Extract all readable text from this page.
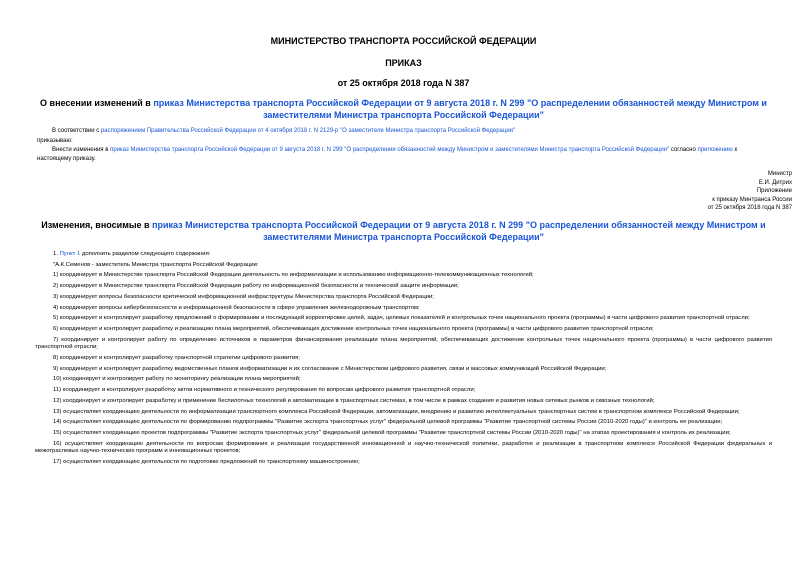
МИНИСТЕРСТВО ТРАНСПОРТА РОССИЙСКОЙ ФЕДЕРАЦИИ
ПРИКАЗ
от 25 октября 2018 года N 387
О внесении изменений в приказ Министерства транспорта Российской Федерации от 9 августа 2018 г. N 299 "О распределении обязанностей между Министром и заместителями Министра транспорта Российской Федерации"
В соответствии с распоряжением Правительства Российской Федерации от 4 октября 2018 г. N 2129-р "О заместителе Министра транспорта Российской Федерации"
приказываю:
Внести изменения в приказ Министерства транспорта Российской Федерации от 9 августа 2018 г. N 299 "О распределении обязанностей между Министром и заместителями Министра транспорта Российской Федерации" согласно приложению к настоящему приказу.
Министр
Е.И. Дитрих
Приложение
к приказу Минтранса России
от 25 октября 2018 года N 387
Изменения, вносимые в приказ Министерства транспорта Российской Федерации от 9 августа 2018 г. N 299 "О распределении обязанностей между Министром и заместителями Министра транспорта Российской Федерации"
1. Пункт 1 дополнить разделом следующего содержания:
"А.К.Семенов - заместитель Министра транспорта Российской Федерации:
1) координирует в Министерстве транспорта Российской Федерации деятельность по информатизации и использованию информационно-телекоммуникационных технологий;
2) координирует в Министерстве транспорта Российской Федерации работу по информационной безопасности и технической защите информации;
3) координирует вопросы безопасности критической информационной инфраструктуры Министерства транспорта Российской Федерации;
4) координирует вопросы кибербезопасности и информационной безопасности в сфере управления железнодорожным транспортом;
5) координирует и контролирует разработку предложений о формировании и последующей корректировке целей, задач, целевых показателей и контрольных точек национального проекта (программы) в части цифрового развития транспортной отрасли;
6) координирует и контролирует разработку и реализацию плана мероприятий, обеспечивающих достижение контрольных точек национального проекта (программы) в части цифрового развития транспортной отрасли;
7) координирует и контролирует работу по определению источников и параметров финансирования реализации плана мероприятий, обеспечивающих достижение контрольных точек национального проекта (программы) в части цифрового развития транспортной отрасли;
8) координирует и контролирует разработку транспортной стратегии цифрового развития;
9) координирует и контролирует разработку ведомственных планов информатизации и их согласование с Министерством цифрового развития, связи и массовых коммуникаций Российской Федерации;
10) координирует и контролирует работу по мониторингу реализации плана мероприятий;
11) координирует и контролирует разработку актов нормативного и технического регулирования по вопросам цифрового развития транспортной отрасли;
12) координирует и контролирует разработку и применение беспилотных технологий и автоматизации в транспортных системах, в том числе в рамках создания и развития новых сетевых рынков и сквозных технологий;
13) осуществляет координацию деятельности по информатизации транспортного комплекса Российской Федерации, автоматизации, внедрению и развитию интеллектуальных транспортных систем в транспортном комплексе Российской Федерации;
14) осуществляет координацию деятельности по формированию подпрограммы "Развитие экспорта транспортных услуг" федеральной целевой программы "Развитие транспортной системы России (2010-2020 годы)" и контроль ее реализации;
15) осуществляет координацию проектов подпрограммы "Развитие экспорта транспортных услуг" федеральной целевой программы "Развитие транспортной системы России (2010-2020 годы)" на этапах проектирования и контроль их реализации;
16) осуществляет координацию деятельности по вопросам формирования и реализации государственной инновационной и научно-технической политики, разработке и реализации в транспортном комплексе Российской Федерации федеральных и межотраслевых научно-технических программ и инновационных проектов;
17) осуществляет координацию деятельности по подготовке предложений по транспортному машиностроению;
